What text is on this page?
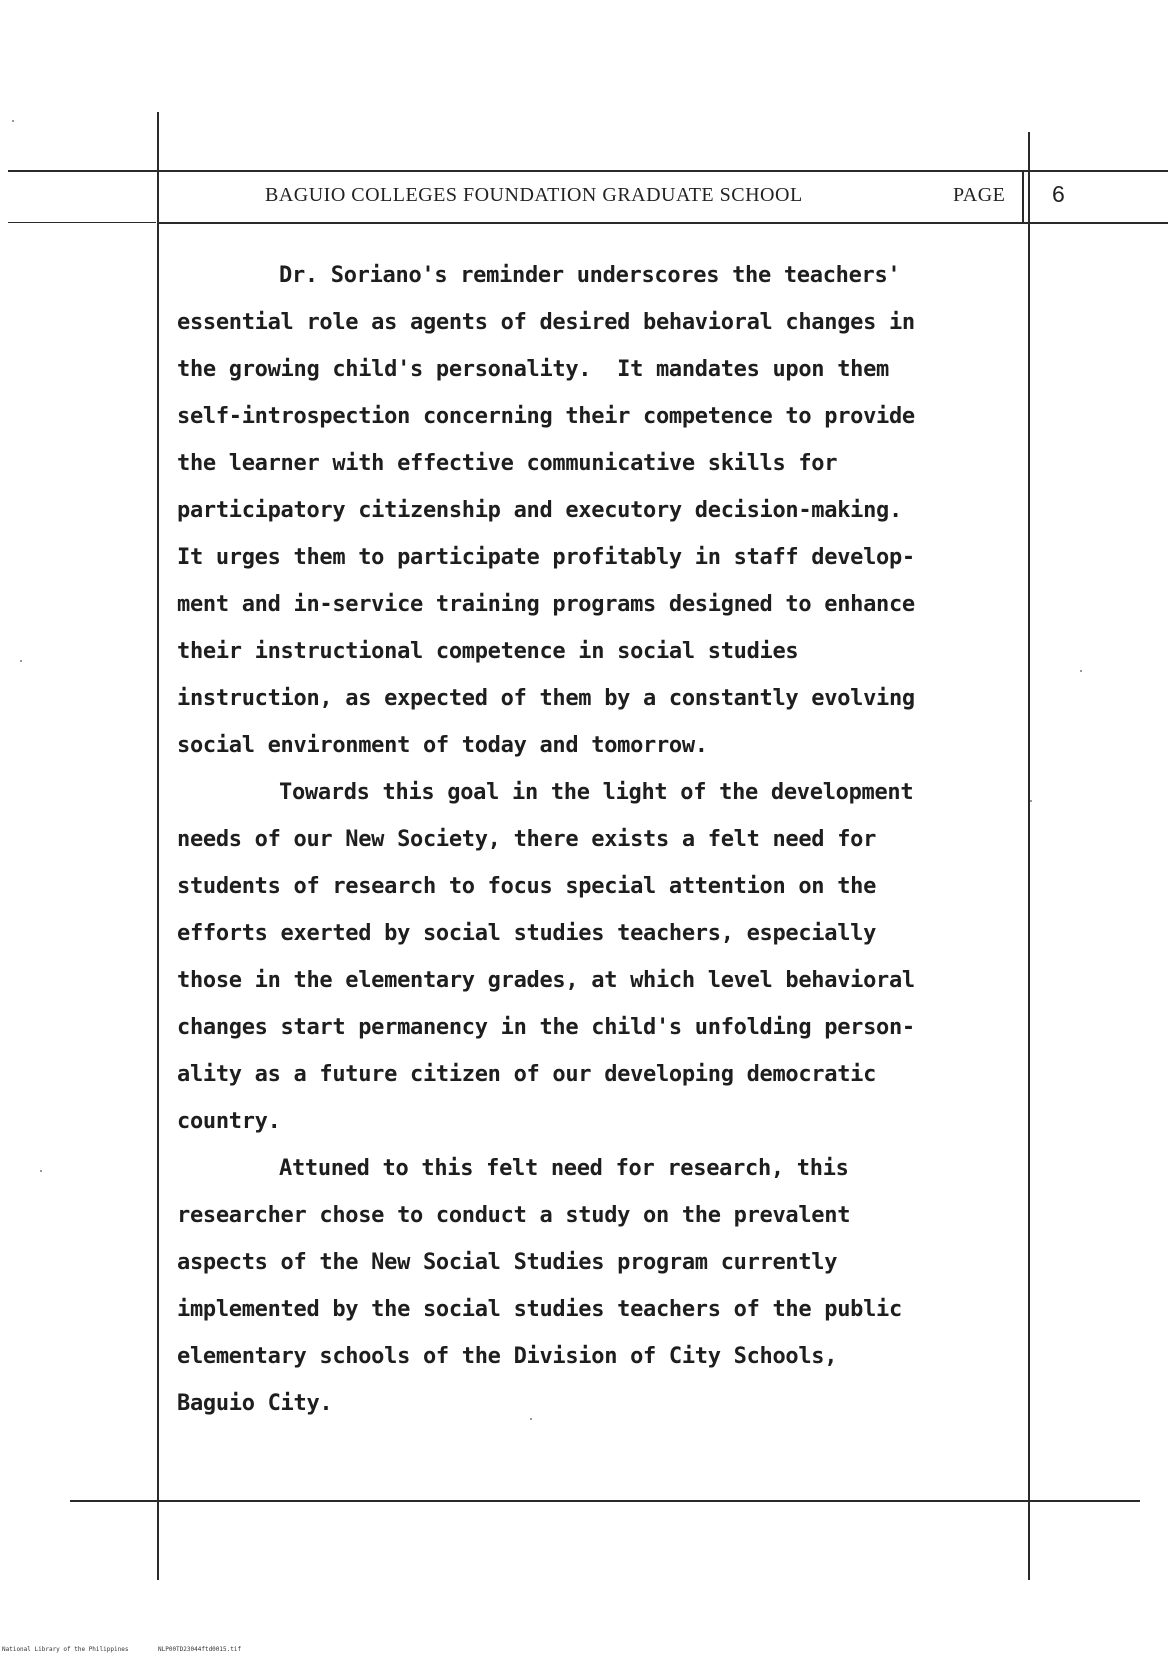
BAGUIO COLLEGES FOUNDATION GRADUATE SCHOOL	PAGE 6
Dr. Soriano's reminder underscores the teachers'
essential role as agents of desired behavioral changes in
the growing child's personality.  It mandates upon them
self-introspection concerning their competence to provide
the learner with effective communicative skills for
participatory citizenship and executory decision-making.
It urges them to participate profitably in staff develop-
ment and in-service training programs designed to enhance
their instructional competence in social studies
instruction, as expected of them by a constantly evolving
social environment of today and tomorrow.
Towards this goal in the light of the development
needs of our New Society, there exists a felt need for
students of research to focus special attention on the
efforts exerted by social studies teachers, especially
those in the elementary grades, at which level behavioral
changes start permanency in the child's unfolding person-
ality as a future citizen of our developing democratic
country.
Attuned to this felt need for research, this
researcher chose to conduct a study on the prevalent
aspects of the New Social Studies program currently
implemented by the social studies teachers of the public
elementary schools of the Division of City Schools,
Baguio City.
National Library of the Philippines	NLP00TD23044ftd0015.tif
